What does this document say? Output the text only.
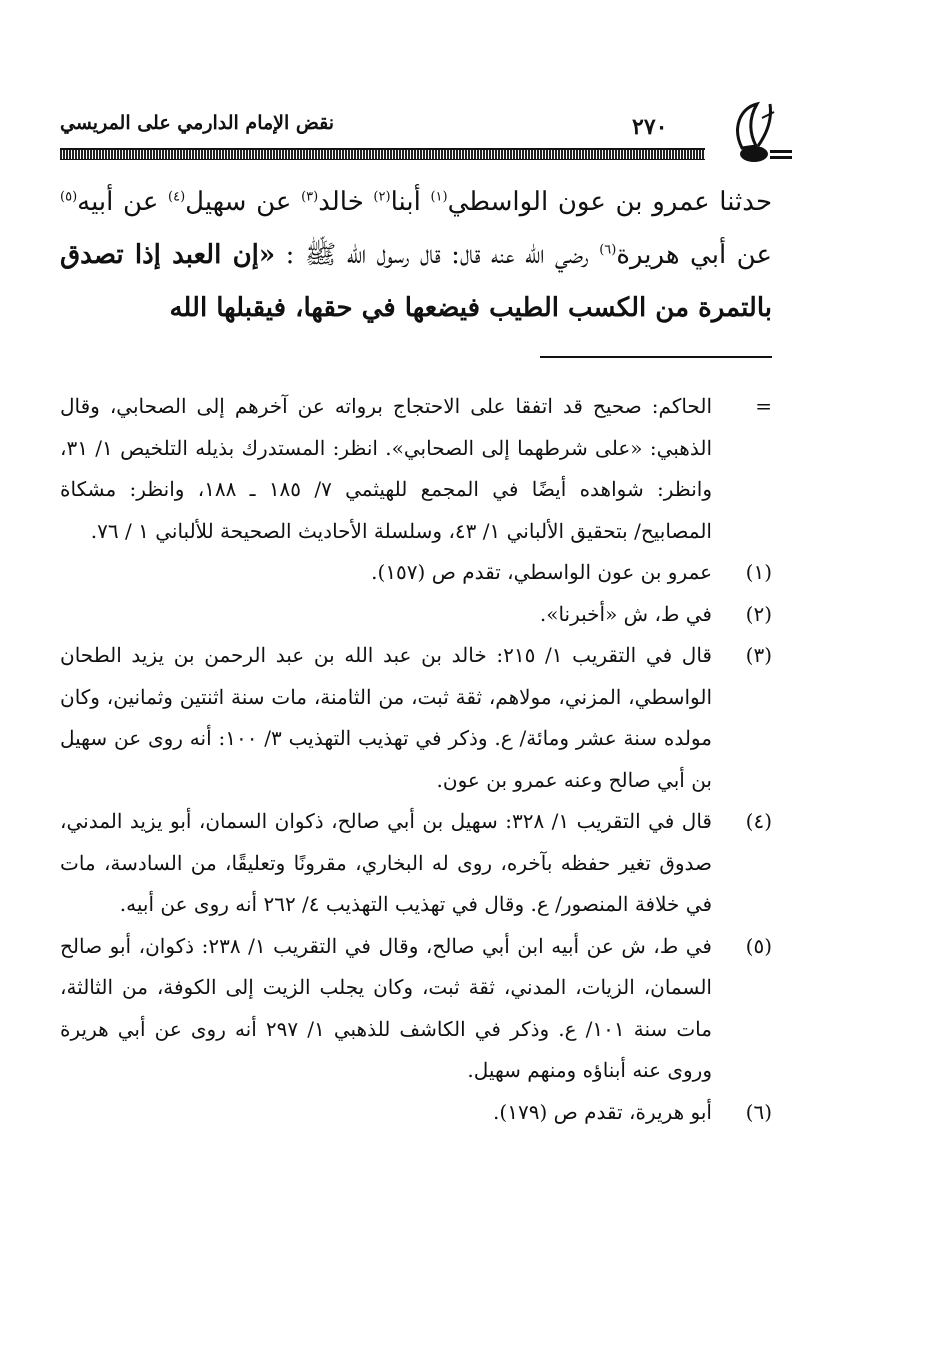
نقض الإمام الدارمي على المريسي	٢٧٠

حدثنا عمرو بن عون الواسطي$^{(١)}$ أبنا$^{(٢)}$ خالد$^{(٣)}$ عن سهيل$^{(٤)}$ عن أبيه$^{(٥)}$ عن أبي هريرة$^{(٦)}$ رضي الله عنه قال: قال رسول الله ﷺ : «إن العبد إذا تصدق بالتمرة من الكسب الطيب فيضعها في حقها، فيقبلها الله

=
الحاكم: صحيح قد اتفقا على الاحتجاج برواته عن آخرهم إلى الصحابي، وقال الذهبي: «على شرطهما إلى الصحابي». انظر: المستدرك بذيله التلخيص ١/ ٣١، وانظر: شواهده أيضًا في المجمع للهيثمي ٧/ ١٨٥ ـ ١٨٨، وانظر: مشكاة المصابيح/ بتحقيق الألباني ١/ ٤٣، وسلسلة الأحاديث الصحيحة للألباني ١ / ٧٦.

(١)
عمرو بن عون الواسطي، تقدم ص (١٥٧).

(٢)
في ط، ش «أخبرنا».

(٣)
قال في التقريب ١/ ٢١٥: خالد بن عبد الله بن عبد الرحمن بن يزيد الطحان الواسطي، المزني، مولاهم، ثقة ثبت، من الثامنة، مات سنة اثنتين وثمانين، وكان مولده سنة عشر ومائة/ ع. وذكر في تهذيب التهذيب ٣/ ١٠٠: أنه روى عن سهيل بن أبي صالح وعنه عمرو بن عون.

(٤)
قال في التقريب ١/ ٣٢٨: سهيل بن أبي صالح، ذكوان السمان، أبو يزيد المدني، صدوق تغير حفظه بآخره، روى له البخاري، مقرونًا وتعليقًا، من السادسة، مات في خلافة المنصور/ ع. وقال في تهذيب التهذيب ٤/ ٢٦٢ أنه روى عن أبيه.

(٥)
في ط، ش عن أبيه ابن أبي صالح، وقال في التقريب ١/ ٢٣٨: ذكوان، أبو صالح السمان، الزيات، المدني، ثقة ثبت، وكان يجلب الزيت إلى الكوفة، من الثالثة، مات سنة ١٠١/ ع. وذكر في الكاشف للذهبي ١/ ٢٩٧ أنه روى عن أبي هريرة وروى عنه أبناؤه ومنهم سهيل.

(٦)
أبو هريرة، تقدم ص (١٧٩).
